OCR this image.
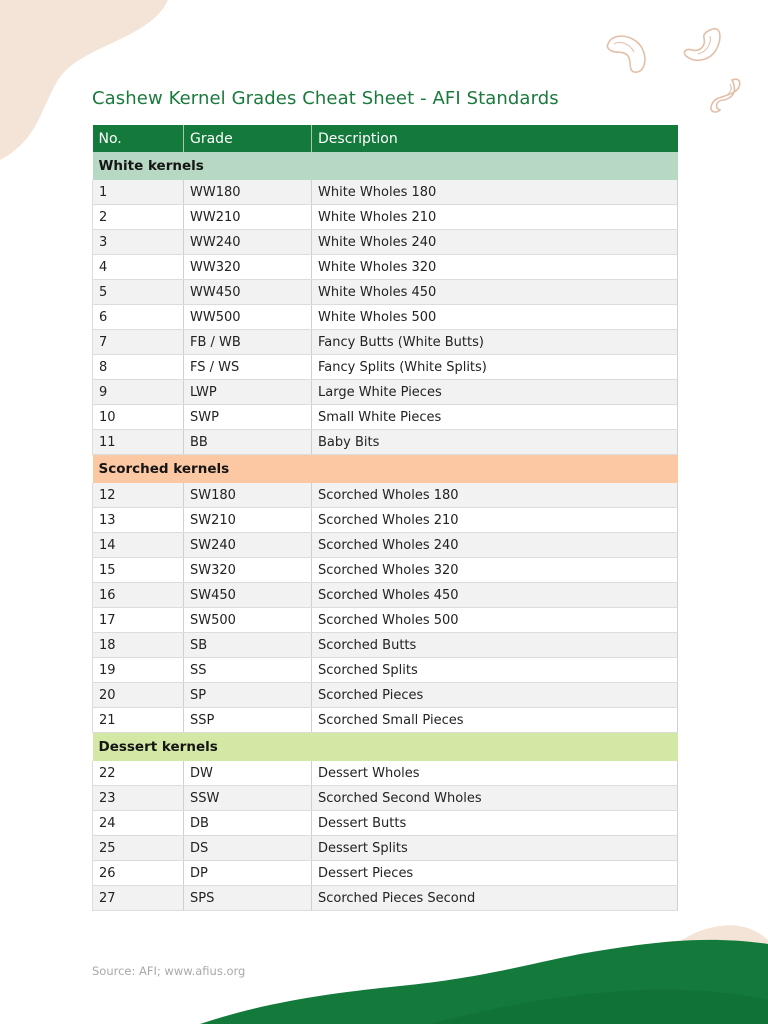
Cashew Kernel Grades Cheat Sheet - AFI Standards
No.	Grade	Description
White kernels		
1	WW180	White Wholes 180
2	WW210	White Wholes 210
3	WW240	White Wholes 240
4	WW320	White Wholes 320
5	WW450	White Wholes 450
6	WW500	White Wholes 500
7	FB / WB	Fancy Butts (White Butts)
8	FS / WS	Fancy Splits (White Splits)
9	LWP	Large White Pieces
10	SWP	Small White Pieces
11	BB	Baby Bits
Scorched kernels		
12	SW180	Scorched Wholes 180
13	SW210	Scorched Wholes 210
14	SW240	Scorched Wholes 240
15	SW320	Scorched Wholes 320
16	SW450	Scorched Wholes 450
17	SW500	Scorched Wholes 500
18	SB	Scorched Butts
19	SS	Scorched Splits
20	SP	Scorched Pieces
21	SSP	Scorched Small Pieces
Dessert kernels		
22	DW	Dessert Wholes
23	SSW	Scorched Second Wholes
24	DB	Dessert Butts
25	DS	Dessert Splits
26	DP	Dessert Pieces
27	SPS	Scorched Pieces Second
Source: AFI; www.afius.org
